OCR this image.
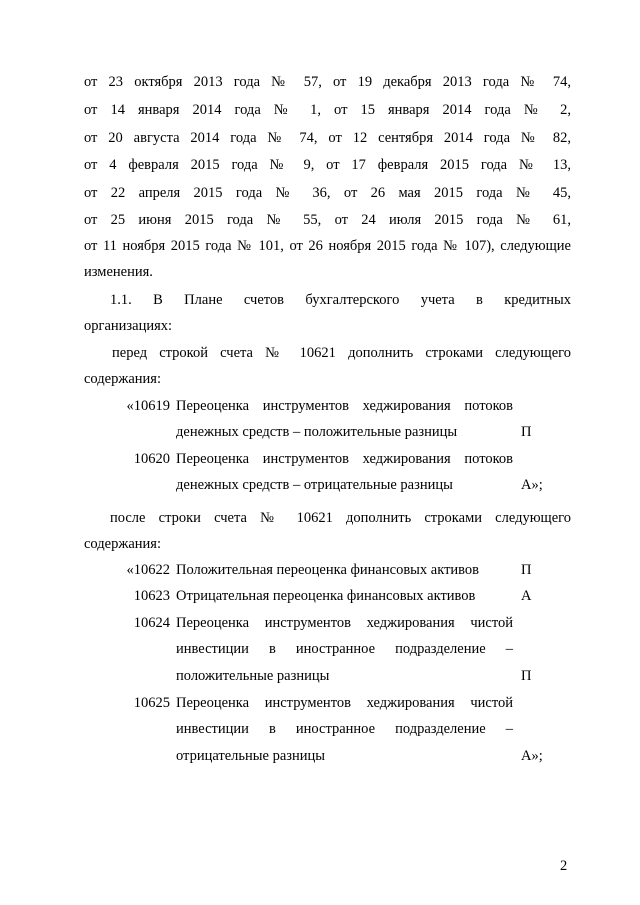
от 23 октября 2013 года № 57, от 19 декабря 2013 года № 74,
от 14 января 2014 года № 1, от 15 января 2014 года № 2,
от 20 августа 2014 года № 74, от 12 сентября 2014 года № 82,
от 4 февраля 2015 года № 9, от 17 февраля 2015 года № 13,
от 22 апреля 2015 года № 36, от 26 мая 2015 года № 45,
от 25 июня 2015 года № 55, от 24 июля 2015 года № 61,
от 11 ноября 2015 года № 101, от 26 ноября 2015 года № 107), следующие
изменения.
1.1. В Плане счетов бухгалтерского учета в кредитных
организациях:
перед строкой счета № 10621 дополнить строками следующего
содержания:
«10619 Переоценка инструментов хеджирования потоков
денежных средств – положительные разницы	П
10620 Переоценка инструментов хеджирования потоков
денежных средств – отрицательные разницы	А»;
после строки счета № 10621 дополнить строками следующего
содержания:
«10622 Положительная переоценка финансовых активов	П
10623 Отрицательная переоценка финансовых активов	А
10624 Переоценка инструментов хеджирования чистой
инвестиции в иностранное подразделение –
положительные разницы	П
10625 Переоценка инструментов хеджирования чистой
инвестиции в иностранное подразделение –
отрицательные разницы	А»;
2
